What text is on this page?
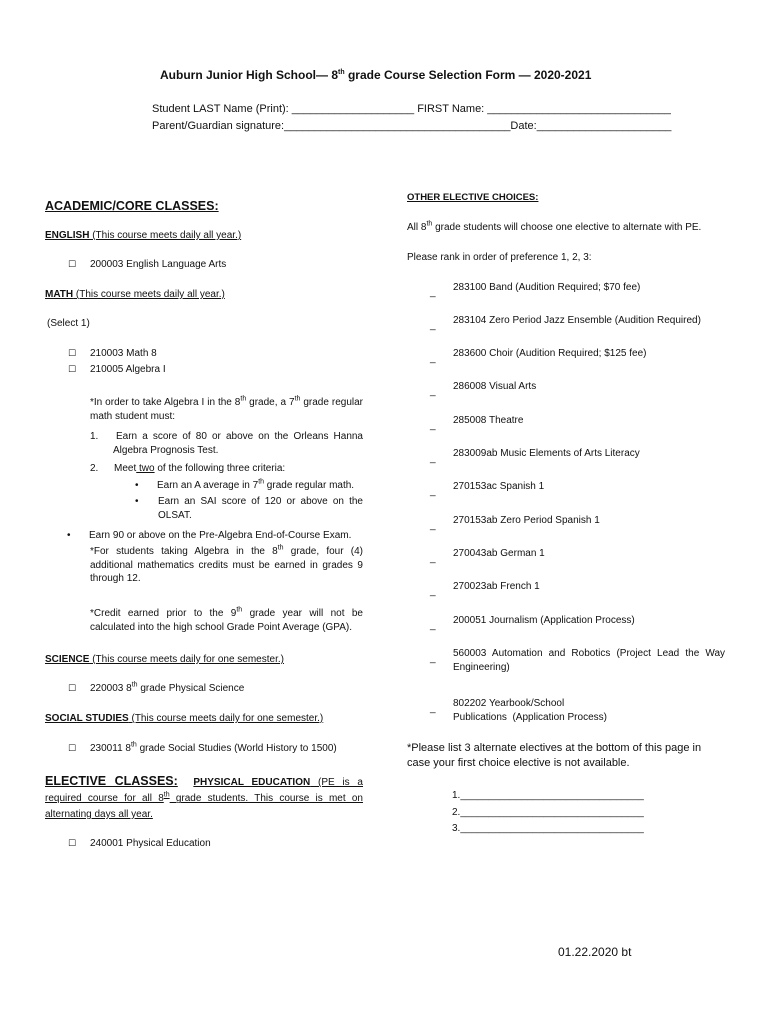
Auburn Junior High School— 8th grade Course Selection Form — 2020-2021
Student LAST Name (Print): ____________________ FIRST Name: ______________________________
Parent/Guardian signature:_____________________________________Date:______________________
ACADEMIC/CORE CLASSES:
ENGLISH (This course meets daily all year.)
☐ 200003 English Language Arts
MATH (This course meets daily all year.)
(Select 1)
☐ 210003 Math 8
☐ 210005 Algebra I
*In order to take Algebra I in the 8th grade, a 7th grade regular math student must:
1.	Earn a score of 80 or above on the Orleans Hanna Algebra Prognosis Test.
2. Meet two of the following three criteria:
• Earn an A average in 7th grade regular math.
• Earn an SAI score of 120 or above on the OLSAT.
• Earn 90 or above on the Pre-Algebra End-of-Course Exam.
*For students taking Algebra in the 8th grade, four (4) additional mathematics credits must be earned in grades 9 through 12.
*Credit earned prior to the 9th grade year will not be calculated into the high school Grade Point Average (GPA).
SCIENCE (This course meets daily for one semester.)
☐ 220003 8th grade Physical Science
SOCIAL STUDIES (This course meets daily for one semester.)
☐ 230011 8th grade Social Studies (World History to 1500)
ELECTIVE CLASSES: PHYSICAL EDUCATION (PE is a required course for all 8th grade students. This course is met on alternating days all year.
☐ 240001 Physical Education
OTHER ELECTIVE CHOICES:
All 8th grade students will choose one elective to alternate with PE.
Please rank in order of preference 1, 2, 3:
_ 283100 Band (Audition Required; $70 fee)
_ 283104 Zero Period Jazz Ensemble (Audition Required)
_ 283600 Choir (Audition Required; $125 fee)
_ 286008 Visual Arts
_ 285008 Theatre
_ 283009ab Music Elements of Arts Literacy
_ 270153ac Spanish 1
_ 270153ab Zero Period Spanish 1
_ 270043ab German 1
_ 270023ab French 1
_ 200051 Journalism (Application Process)
_ 560003 Automation and Robotics (Project Lead the Way Engineering)
_ 802202 Yearbook/School Publications  (Application Process)
*Please list 3 alternate electives at the bottom of this page in case your first choice elective is not available.
1._________________________________
2._________________________________
3._________________________________
01.22.2020 bt
